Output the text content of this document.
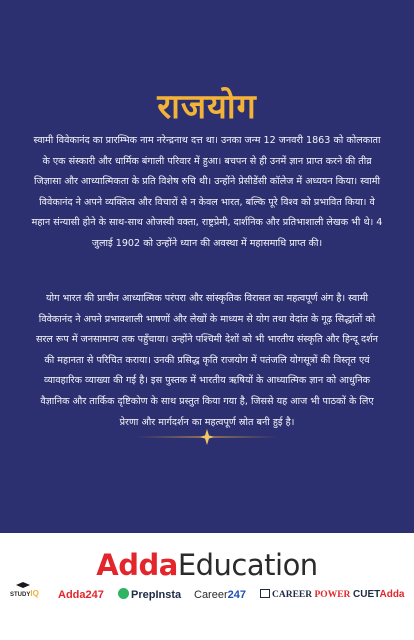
राजयोग

स्वामी विवेकानंद का प्रारम्भिक नाम नरेन्द्रनाथ दत्त था। उनका जन्म 12 जनवरी 1863 को कोलकाता के एक संस्कारी और धार्मिक बंगाली परिवार में हुआ। बचपन से ही उनमें ज्ञान प्राप्त करने की तीव्र जिज्ञासा और आध्यात्मिकता के प्रति विशेष रुचि थी। उन्होंने प्रेसीडेंसी कॉलेज में अध्ययन किया। स्वामी विवेकानंद ने अपने व्यक्तित्व और विचारों से न केवल भारत, बल्कि पूरे विश्व को प्रभावित किया। वे महान संन्यासी होने के साथ-साथ ओजस्वी वक्ता, राष्ट्रप्रेमी, दार्शनिक और प्रतिभाशाली लेखक भी थे। 4 जुलाई 1902 को उन्होंने ध्यान की अवस्था में महासमाधि प्राप्त की।

योग भारत की प्राचीन आध्यात्मिक परंपरा और सांस्कृतिक विरासत का महत्वपूर्ण अंग है। स्वामी विवेकानंद ने अपने प्रभावशाली भाषणों और लेखों के माध्यम से योग तथा वेदांत के गूढ़ सिद्धांतों को सरल रूप में जनसामान्य तक पहुँचाया। उन्होंने पश्चिमी देशों को भी भारतीय संस्कृति और हिन्दू दर्शन की महानता से परिचित कराया। उनकी प्रसिद्ध कृति राजयोग में पतंजलि योगसूत्रों की विस्तृत एवं व्यावहारिक व्याख्या की गई है। इस पुस्तक में भारतीय ऋषियों के आध्यात्मिक ज्ञान को आधुनिक वैज्ञानिक और तार्किक दृष्टिकोण के साथ प्रस्तुत किया गया है, जिससे यह आज भी पाठकों के लिए प्रेरणा और मार्गदर्शन का महत्वपूर्ण स्रोत बनी हुई है।

AddaEducation
STUDYIQ Adda247	PrepInsta Career247	CAREER POWER CUETAdda
